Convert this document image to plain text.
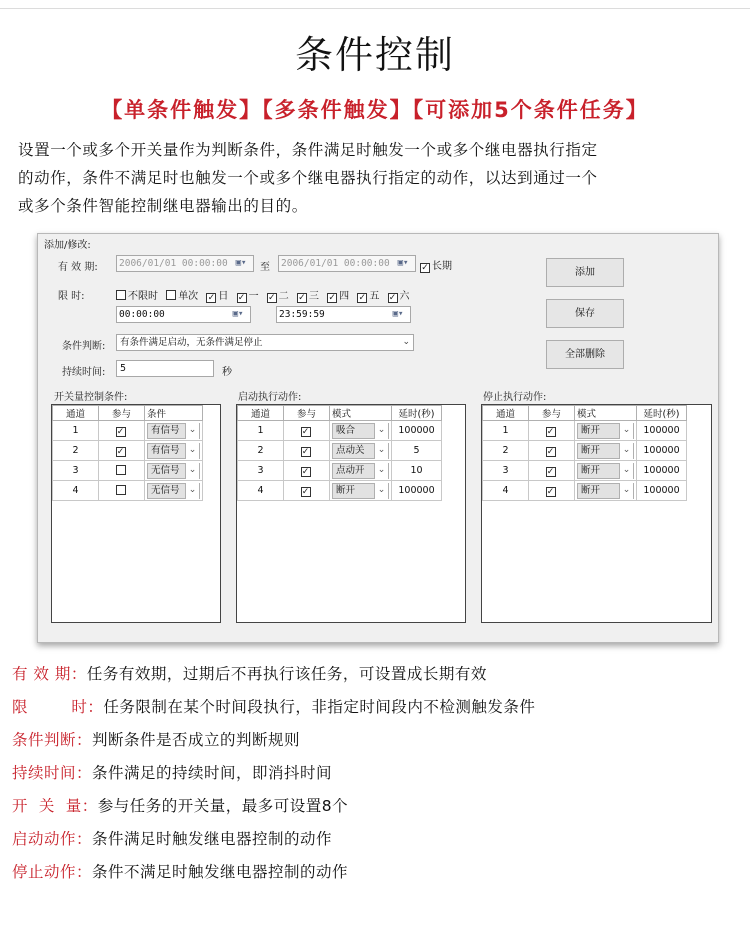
条件控制
【单条件触发】【多条件触发】【可添加5个条件任务】
设置一个或多个开关量作为判断条件，条件满足时触发一个或多个继电器执行指定
的动作，条件不满足时也触发一个或多个继电器执行指定的动作，以达到通过一个
或多个条件智能控制继电器输出的目的。
添加/修改:
有 效 期:	2006/01/01 00:00:00 ▣▾	至	2006/01/01 00:00:00 ▣▾	✓ 长期
限 时:	不限时 单次 ✓ 日 ✓ 一 ✓ 二 ✓ 三 ✓ 四 ✓ 五 ✓ 六
00:00:00	▣▾	23:59:59	▣▾
条件判断:	有条件满足启动，无条件满足停止	⌄
持续时间:	5	秒
添加
保存
全部删除
开关量控制条件:	启动执行动作:	停止执行动作:
通道	参与	条件
1	✓	有信号 ⌄

2	✓	有信号 ⌄

3		无信号 ⌄

4		无信号 ⌄
通道	参与	模式	延时(秒)
1	✓	吸合 ⌄	100000
2	✓	点动关 ⌄	5
3	✓	点动开 ⌄	10
4	✓	断开 ⌄	100000
通道	参与	模式	延时(秒)
1	✓	断开 ⌄	100000
2	✓	断开 ⌄	100000
3	✓	断开 ⌄	100000
4	✓	断开 ⌄	100000
有 效 期：任务有效期，过期后不再执行该任务，可设置成长期有效
限        时：任务限制在某个时间段执行，非指定时间段内不检测触发条件
条件判断：判断条件是否成立的判断规则
持续时间：条件满足的持续时间，即消抖时间
开  关  量：参与任务的开关量，最多可设置8个
启动动作：条件满足时触发继电器控制的动作
停止动作：条件不满足时触发继电器控制的动作
